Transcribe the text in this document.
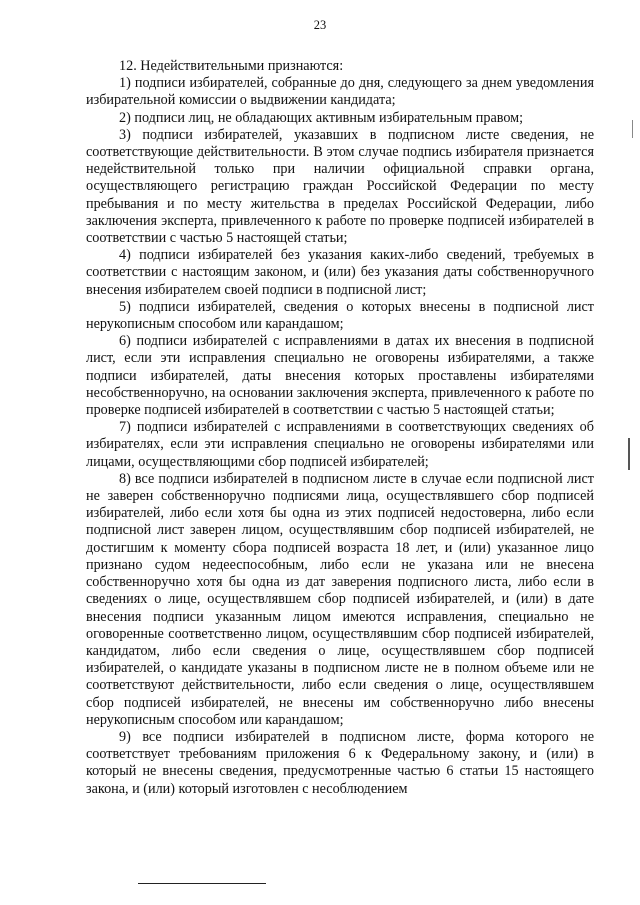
23

12. Недействительными признаются:

1) подписи избирателей, собранные до дня, следующего за днем уведомления избирательной комиссии о выдвижении кандидата;

2) подписи лиц, не обладающих активным избирательным правом;

3) подписи избирателей, указавших в подписном листе сведения, не соответствующие действительности. В этом случае подпись избирателя признается недействительной только при наличии официальной справки органа, осуществляющего регистрацию граждан Российской Федерации по месту пребывания и по месту жительства в пределах Российской Федерации, либо заключения эксперта, привлеченного к работе по проверке подписей избирателей в соответствии с частью 5 настоящей статьи;

4) подписи избирателей без указания каких-либо сведений, требуемых в соответствии с настоящим законом, и (или) без указания даты собственноручного внесения избирателем своей подписи в подписной лист;

5) подписи избирателей, сведения о которых внесены в подписной лист нерукописным способом или карандашом;

6) подписи избирателей с исправлениями в датах их внесения в подписной лист, если эти исправления специально не оговорены избирателями, а также подписи избирателей, даты внесения которых проставлены избирателями несобственноручно, на основании заключения эксперта, привлеченного к работе по проверке подписей избирателей в соответствии с частью 5 настоящей статьи;

7) подписи избирателей с исправлениями в соответствующих сведениях об избирателях, если эти исправления специально не оговорены избирателями или лицами, осуществляющими сбор подписей избирателей;

8) все подписи избирателей в подписном листе в случае если подписной лист не заверен собственноручно подписями лица, осуществлявшего сбор подписей избирателей, либо если хотя бы одна из этих подписей недостоверна, либо если подписной лист заверен лицом, осуществлявшим сбор подписей избирателей, не достигшим к моменту сбора подписей возраста 18 лет, и (или) указанное лицо признано судом недееспособным, либо если не указана или не внесена собственноручно хотя бы одна из дат заверения подписного листа, либо если в сведениях о лице, осуществлявшем сбор подписей избирателей, и (или) в дате внесения подписи указанным лицом имеются исправления, специально не оговоренные соответственно лицом, осуществлявшим сбор подписей избирателей, кандидатом, либо если сведения о лице, осуществлявшем сбор подписей избирателей, о кандидате указаны в подписном листе не в полном объеме или не соответствуют действительности, либо если сведения о лице, осуществлявшем сбор подписей избирателей, не внесены им собственноручно либо внесены нерукописным способом или карандашом;

9) все подписи избирателей в подписном листе, форма которого не соответствует требованиям приложения 6 к Федеральному закону, и (или) в который не внесены сведения, предусмотренные частью 6 статьи 15 настоящего закона, и (или) который изготовлен с несоблюдением
